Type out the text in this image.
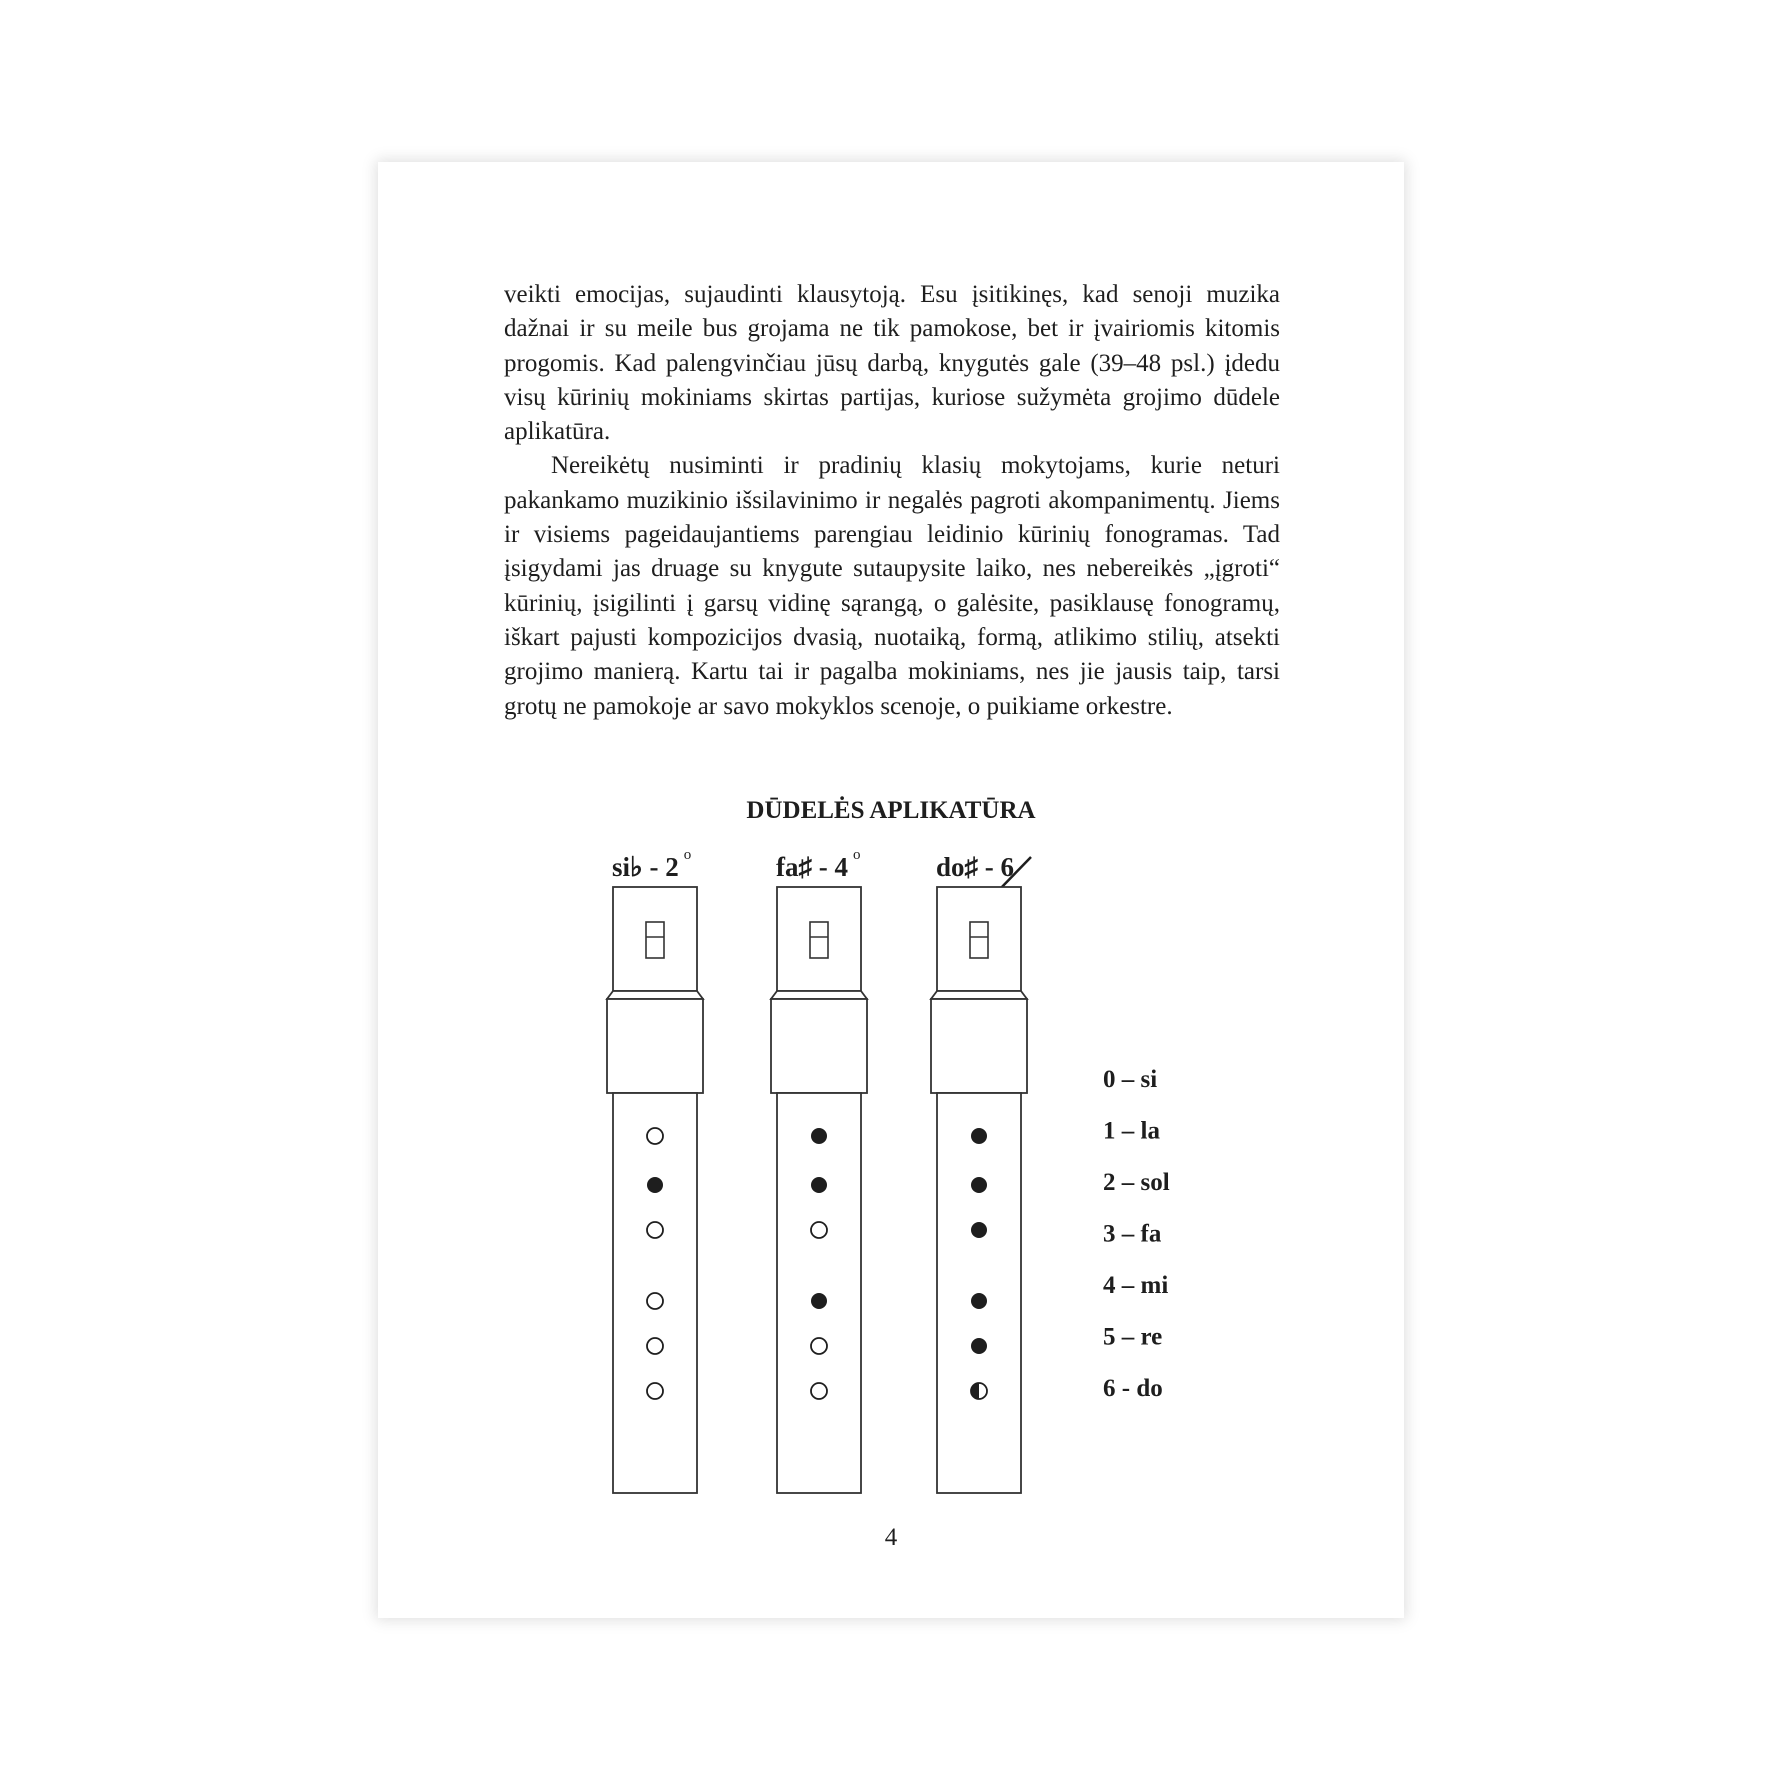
veikti emocijas, sujaudinti klausytoją. Esu įsitikinęs, kad senoji muzika dažnai ir su meile bus grojama ne tik pamokose, bet ir įvairiomis kitomis progomis. Kad palengvinčiau jūsų darbą, knygutės gale (39–48 psl.) įdedu visų kūrinių mokiniams skirtas partijas, kuriose sužymėta grojimo dūdele aplikatūra.

Nereikėtų nusiminti ir pradinių klasių mokytojams, kurie neturi pakankamo muzikinio išsilavinimo ir negalės pagroti akompanimentų. Jiems ir visiems pageidaujantiems parengiau leidinio kūrinių fonogramas. Tad įsigydami jas druage su knygute sutaupysite laiko, nes nebereikės „įgroti“ kūrinių, įsigilinti į garsų vidinę sąrangą, o galėsite, pasiklausę fonogramų, iškart pajusti kompozicijos dvasią, nuotaiką, formą, atlikimo stilių, atsekti grojimo manierą. Kartu tai ir pagalba mokiniams, nes jie jausis taip, tarsi grotų ne pamokoje ar savo mokyklos scenoje, o puikiame orkestre.

DŪDELĖS APLIKATŪRA
si♭ - 2 $^o$	fa♯ - 4 $^o$	do♯ - 6
0 – si
1 – la
2 – sol
3 – fa
4 – mi
5 – re
6 - do
4
